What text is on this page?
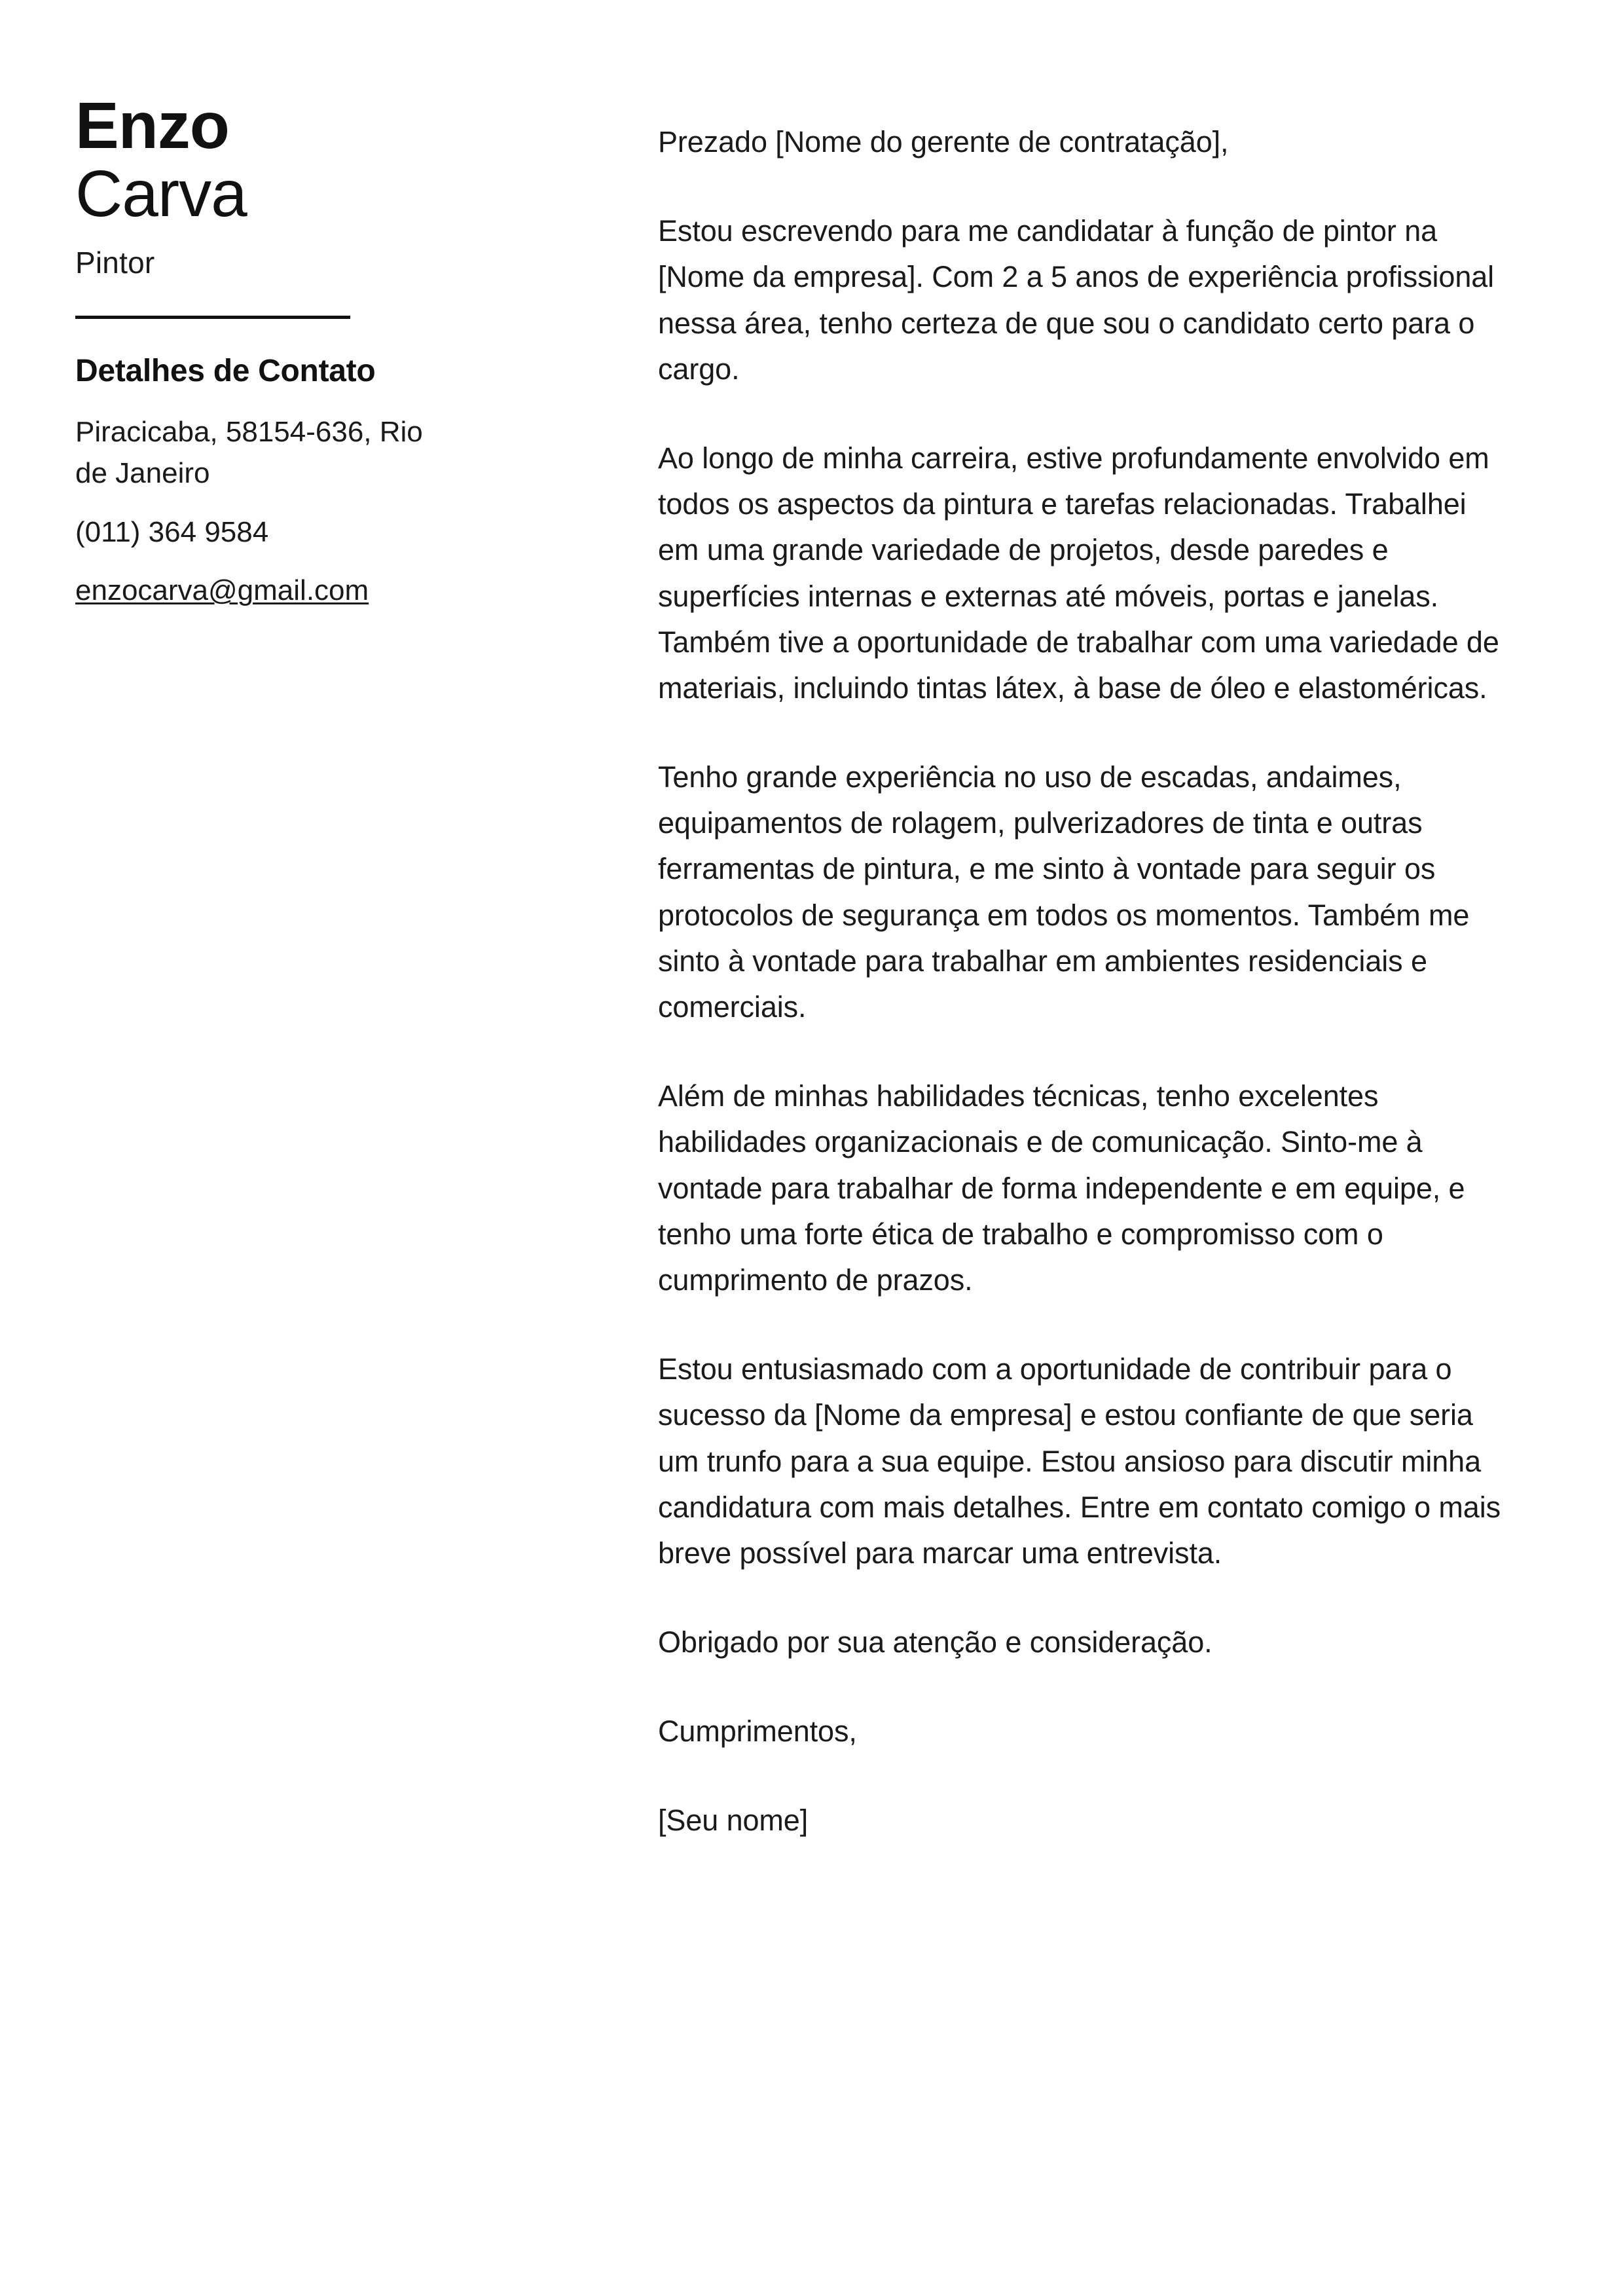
Enzo
Carva
Pintor
Detalhes de Contato
Piracicaba, 58154-636, Rio de Janeiro
(011) 364 9584
enzocarva@gmail.com

Prezado [Nome do gerente de contratação],

Estou escrevendo para me candidatar à função de pintor na [Nome da empresa]. Com 2 a 5 anos de experiência profissional nessa área, tenho certeza de que sou o candidato certo para o cargo.

Ao longo de minha carreira, estive profundamente envolvido em todos os aspectos da pintura e tarefas relacionadas. Trabalhei em uma grande variedade de projetos, desde paredes e superfícies internas e externas até móveis, portas e janelas. Também tive a oportunidade de trabalhar com uma variedade de materiais, incluindo tintas látex, à base de óleo e elastoméricas.

Tenho grande experiência no uso de escadas, andaimes, equipamentos de rolagem, pulverizadores de tinta e outras ferramentas de pintura, e me sinto à vontade para seguir os protocolos de segurança em todos os momentos. Também me sinto à vontade para trabalhar em ambientes residenciais e comerciais.

Além de minhas habilidades técnicas, tenho excelentes habilidades organizacionais e de comunicação. Sinto-me à vontade para trabalhar de forma independente e em equipe, e tenho uma forte ética de trabalho e compromisso com o cumprimento de prazos.

Estou entusiasmado com a oportunidade de contribuir para o sucesso da [Nome da empresa] e estou confiante de que seria um trunfo para a sua equipe. Estou ansioso para discutir minha candidatura com mais detalhes. Entre em contato comigo o mais breve possível para marcar uma entrevista.

Obrigado por sua atenção e consideração.

Cumprimentos,

[Seu nome]
